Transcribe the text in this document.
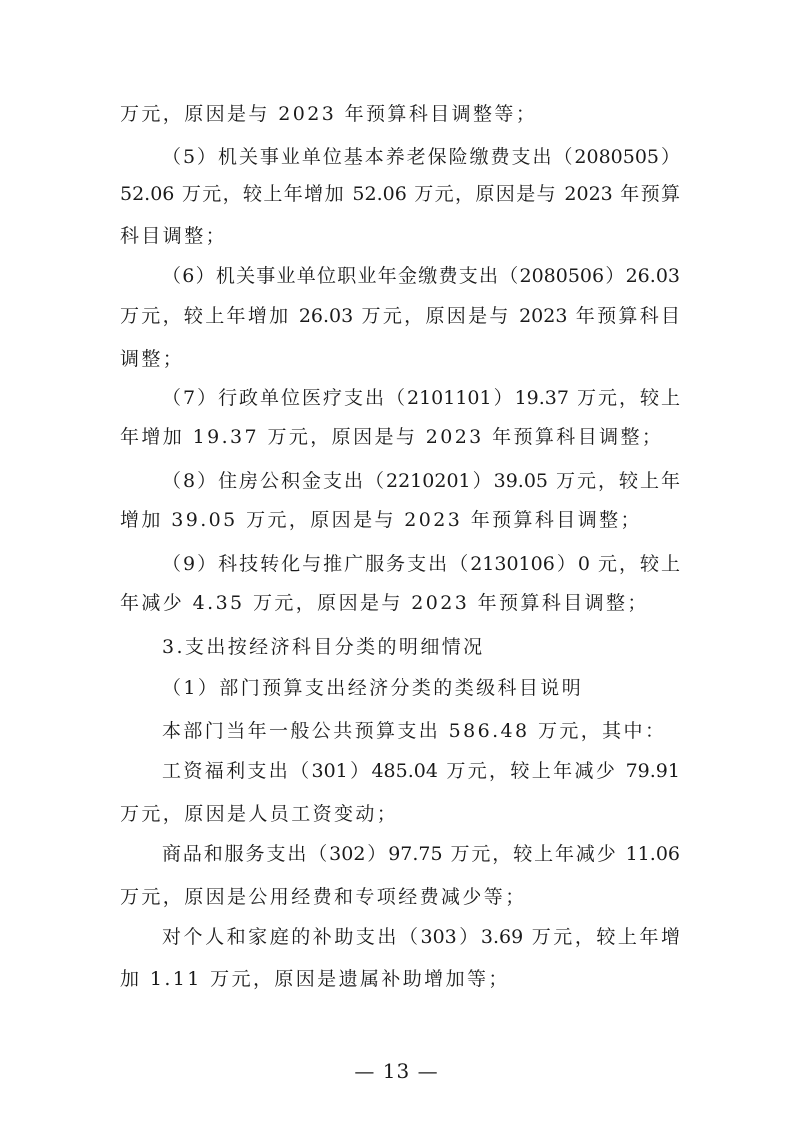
万元，原因是与 2023 年预算科目调整等；
（5）机关事业单位基本养老保险缴费支出（2080505）
52.06 万元，较上年增加 52.06 万元，原因是与 2023 年预算
科目调整；
（6）机关事业单位职业年金缴费支出（2080506）26.03
万元，较上年增加 26.03 万元，原因是与 2023 年预算科目
调整；
（7）行政单位医疗支出（2101101）19.37 万元，较上
年增加 19.37 万元，原因是与 2023 年预算科目调整；
（8）住房公积金支出（2210201）39.05 万元，较上年
增加 39.05 万元，原因是与 2023 年预算科目调整；
（9）科技转化与推广服务支出（2130106）0 元，较上
年减少 4.35 万元，原因是与 2023 年预算科目调整；
3.支出按经济科目分类的明细情况
（1）部门预算支出经济分类的类级科目说明
本部门当年一般公共预算支出 586.48 万元，其中：
工资福利支出（301）485.04 万元，较上年减少 79.91
万元，原因是人员工资变动；
商品和服务支出（302）97.75 万元，较上年减少 11.06
万元，原因是公用经费和专项经费减少等；
对个人和家庭的补助支出（303）3.69 万元，较上年增
加 1.11 万元，原因是遗属补助增加等；
— 13 —
